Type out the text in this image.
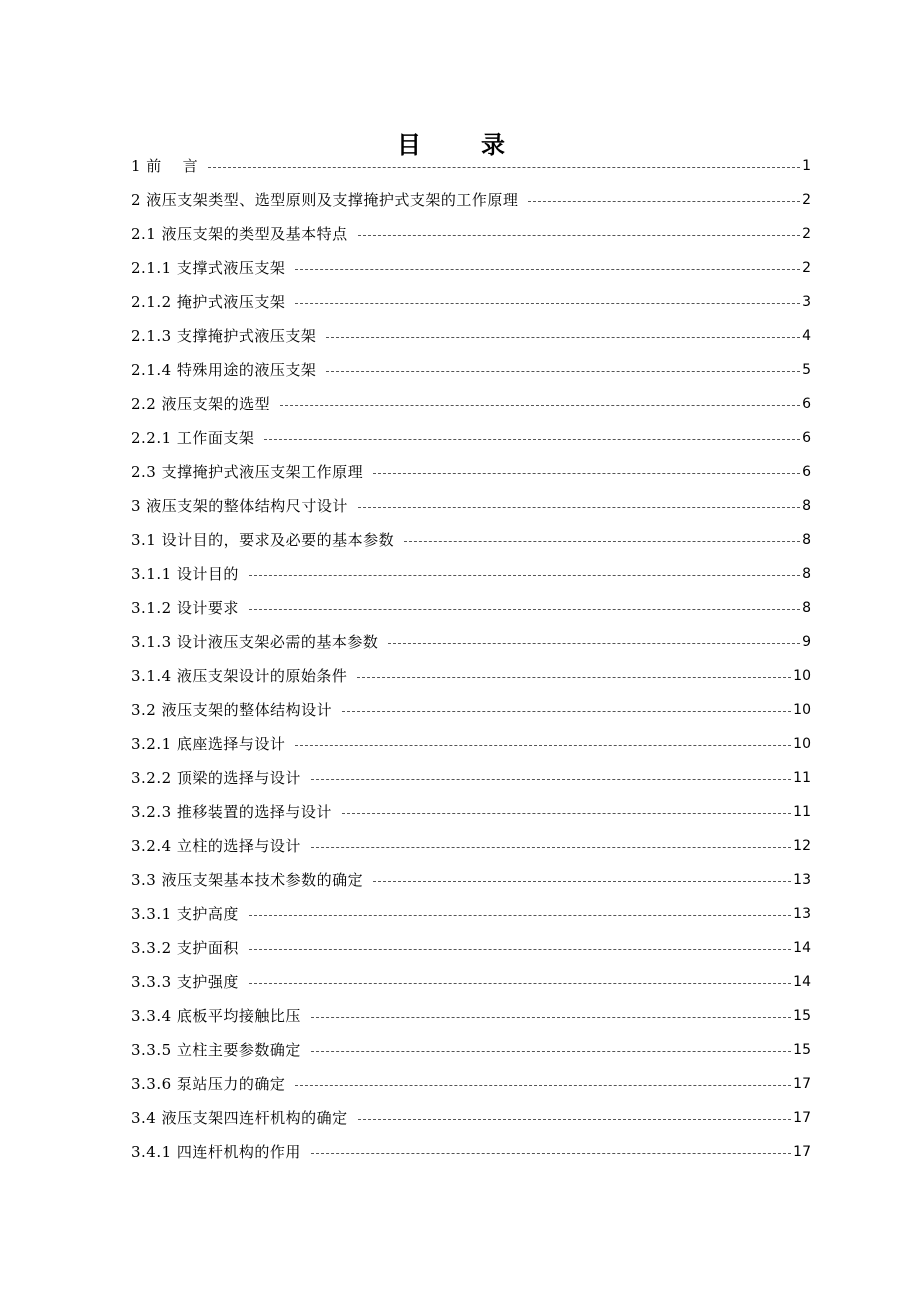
目　录
1 前　 言	1
2 液压支架类型、选型原则及支撑掩护式支架的工作原理	2
2.1 液压支架的类型及基本特点	2
2.1.1 支撑式液压支架	2
2.1.2 掩护式液压支架	3
2.1.3 支撑掩护式液压支架	4
2.1.4 特殊用途的液压支架	5
2.2 液压支架的选型	6
2.2.1 工作面支架	6
2.3 支撑掩护式液压支架工作原理	6
3 液压支架的整体结构尺寸设计	8
3.1 设计目的，要求及必要的基本参数	8
3.1.1 设计目的	8
3.1.2 设计要求	8
3.1.3 设计液压支架必需的基本参数	9
3.1.4 液压支架设计的原始条件	10
3.2 液压支架的整体结构设计	10
3.2.1 底座选择与设计	10
3.2.2 顶梁的选择与设计	11
3.2.3 推移装置的选择与设计	11
3.2.4 立柱的选择与设计	12
3.3 液压支架基本技术参数的确定	13
3.3.1 支护高度	13
3.3.2 支护面积	14
3.3.3 支护强度	14
3.3.4 底板平均接触比压	15
3.3.5 立柱主要参数确定	15
3.3.6 泵站压力的确定	17
3.4 液压支架四连杆机构的确定	17
3.4.1 四连杆机构的作用	17
